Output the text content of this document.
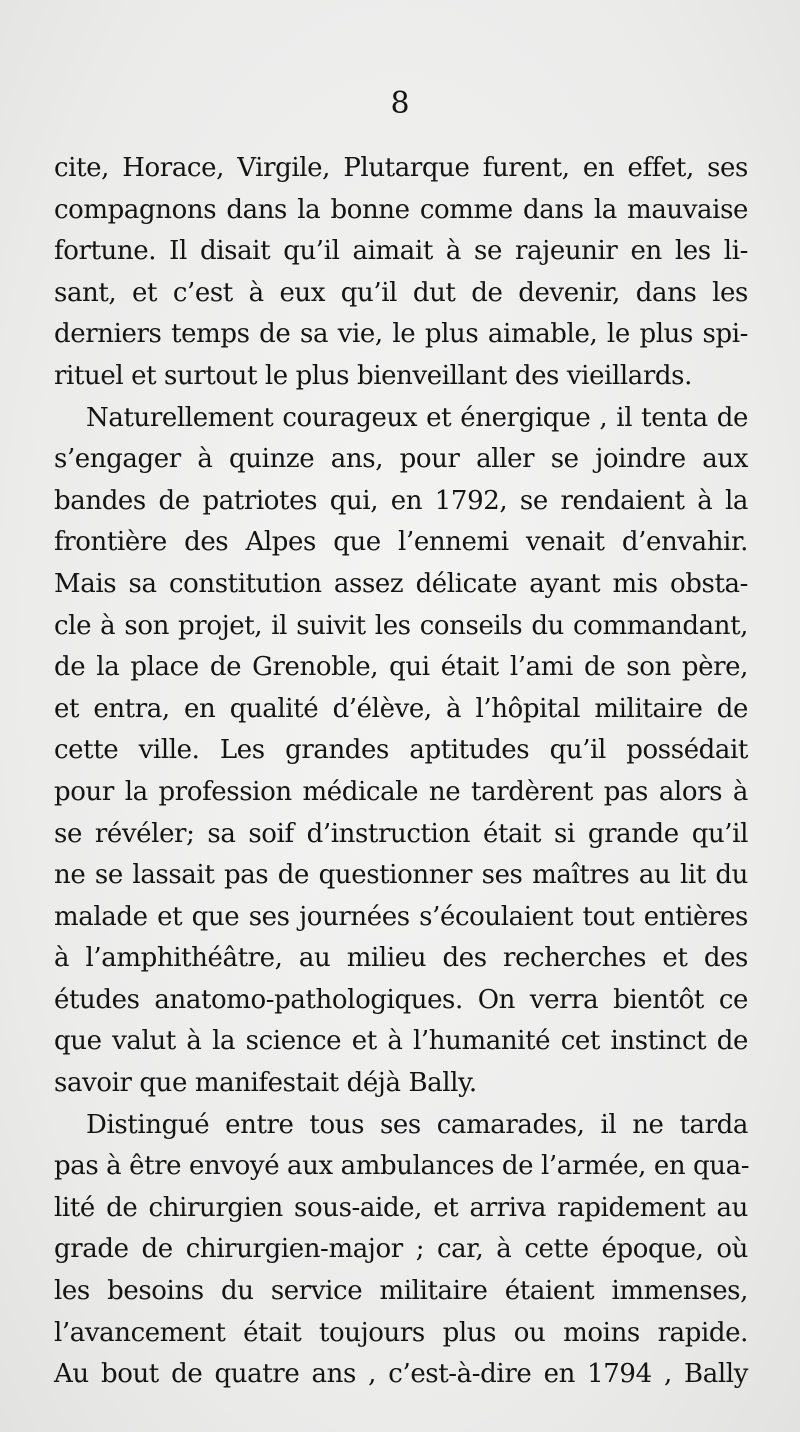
8
cite, Horace, Virgile, Plutarque furent, en effet, ses
compagnons dans la bonne comme dans la mauvaise
fortune. Il disait qu’il aimait à se rajeunir en les li-
sant, et c’est à eux qu’il dut de devenir, dans les
derniers temps de sa vie, le plus aimable, le plus spi-
rituel et surtout le plus bienveillant des vieillards.
Naturellement courageux et énergique , il tenta de
s’engager à quinze ans, pour aller se joindre aux
bandes de patriotes qui, en 1792, se rendaient à la
frontière des Alpes que l’ennemi venait d’envahir.
Mais sa constitution assez délicate ayant mis obsta-
cle à son projet, il suivit les conseils du commandant,
de la place de Grenoble, qui était l’ami de son père,
et entra, en qualité d’élève, à l’hôpital militaire de
cette ville. Les grandes aptitudes qu’il possédait
pour la profession médicale ne tardèrent pas alors à
se révéler; sa soif d’instruction était si grande qu’il
ne se lassait pas de questionner ses maîtres au lit du
malade et que ses journées s’écoulaient tout entières
à l’amphithéâtre, au milieu des recherches et des
études anatomo-pathologiques. On verra bientôt ce
que valut à la science et à l’humanité cet instinct de
savoir que manifestait déjà Bally.
Distingué entre tous ses camarades, il ne tarda
pas à être envoyé aux ambulances de l’armée, en qua-
lité de chirurgien sous-aide, et arriva rapidement au
grade de chirurgien-major ; car, à cette époque, où
les besoins du service militaire étaient immenses,
l’avancement était toujours plus ou moins rapide.
Au bout de quatre ans , c’est-à-dire en 1794 , Bally
